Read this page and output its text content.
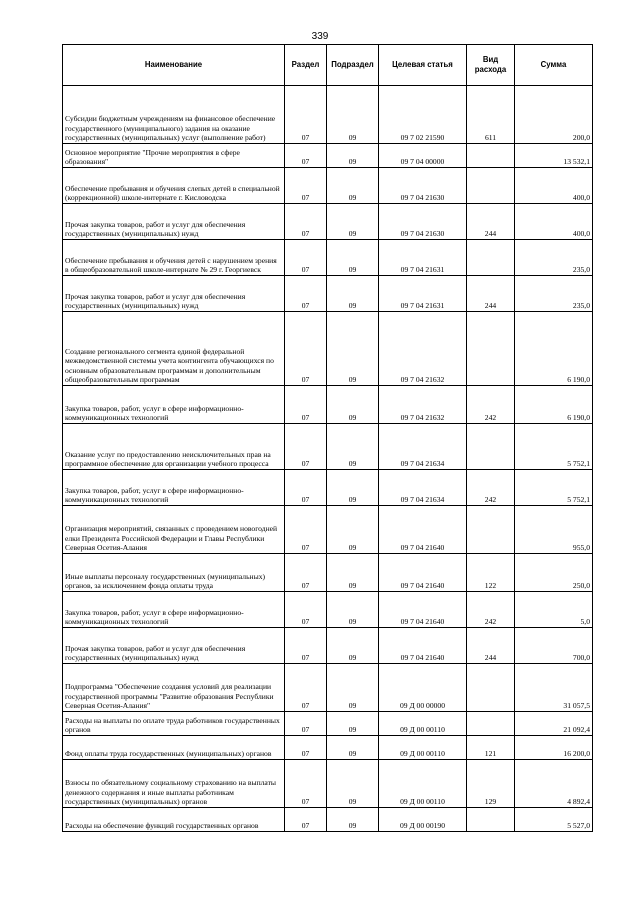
339
Наименование	Раздел	Подраздел	Целевая статья	Вид расхода	Сумма
Субсидии бюджетным учреждениям на финансовое обеспечение государственного (муниципального) задания на оказание государственных (муниципальных) услуг (выполнение работ)	07	09	09 7 02 21590	611	200,0
Основное мероприятие "Прочие мероприятия в сфере образования"	07	09	09 7 04 00000		13 532,1
Обеспечение пребывания и обучения слепых детей в специальной (коррекционной) школе-интернате г. Кисловодска	07	09	09 7 04 21630		400,0
Прочая закупка товаров, работ и услуг для обеспечения государственных (муниципальных) нужд	07	09	09 7 04 21630	244	400,0
Обеспечение пребывания и обучения детей с нарушением зрения в общеобразовательной школе-интернате № 29 г. Георгиевск	07	09	09 7 04 21631		235,0
Прочая закупка товаров, работ и услуг для обеспечения государственных (муниципальных) нужд	07	09	09 7 04 21631	244	235,0
Создание регионального сегмента единой федеральной межведомственной системы учета контингента обучающихся по основным образовательным программам и дополнительным общеобразовательным программам	07	09	09 7 04 21632		6 190,0
Закупка товаров, работ, услуг в сфере информационно-коммуникационных технологий	07	09	09 7 04 21632	242	6 190,0
Оказание услуг по предоставлению неисключительных прав на программное обеспечение для организации учебного процесса	07	09	09 7 04 21634		5 752,1
Закупка товаров, работ, услуг в сфере информационно-коммуникационных технологий	07	09	09 7 04 21634	242	5 752,1
Организация мероприятий, связанных с проведением новогодней елки Президента Российской Федерации и Главы Республики Северная Осетия-Алания	07	09	09 7 04 21640		955,0
Иные выплаты персоналу государственных (муниципальных) органов, за исключением фонда оплаты труда	07	09	09 7 04 21640	122	250,0
Закупка товаров, работ, услуг в сфере информационно-коммуникационных технологий	07	09	09 7 04 21640	242	5,0
Прочая закупка товаров, работ и услуг для обеспечения государственных (муниципальных) нужд	07	09	09 7 04 21640	244	700,0
Подпрограмма "Обеспечение создания условий для реализации государственной программы "Развитие образования Республики Северная Осетия-Алания"	07	09	09 Д 00 00000		31 057,5
Расходы на выплаты по оплате труда работников государственных органов	07	09	09 Д 00 00110		21 092,4
Фонд оплаты труда государственных (муниципальных) органов	07	09	09 Д 00 00110	121	16 200,0
Взносы по обязательному социальному страхованию на выплаты денежного содержания и иные выплаты работникам государственных (муниципальных) органов	07	09	09 Д 00 00110	129	4 892,4
Расходы на обеспечение функций государственных органов	07	09	09 Д 00 00190		5 527,0
